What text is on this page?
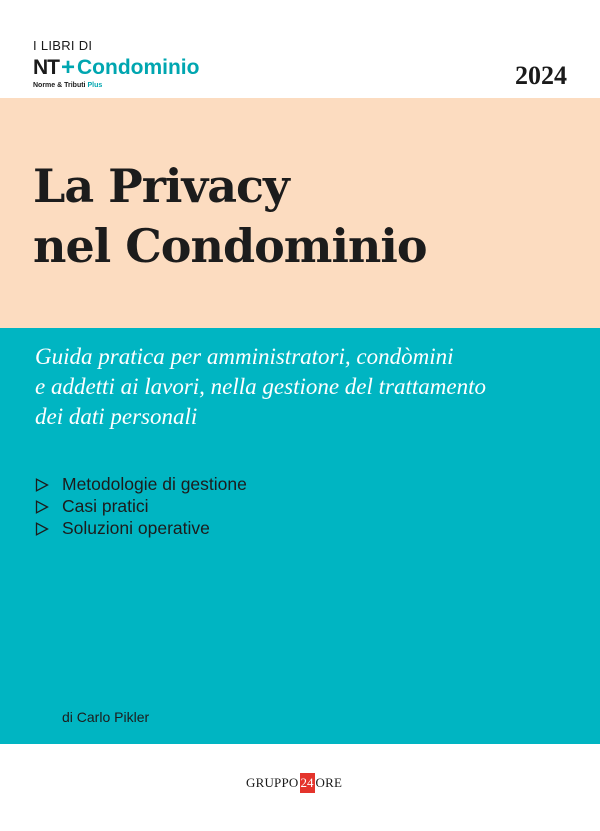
I LIBRI DI
NT + Condominio
Norme & Tributi Plus	2024
La Privacy
nel Condominio
Guida pratica per amministratori, condòmini
e addetti ai lavori, nella gestione del trattamento
dei dati personali
Metodologie di gestione
Casi pratici
Soluzioni operative
di Carlo Pikler
GRUPPO 24 ORE
